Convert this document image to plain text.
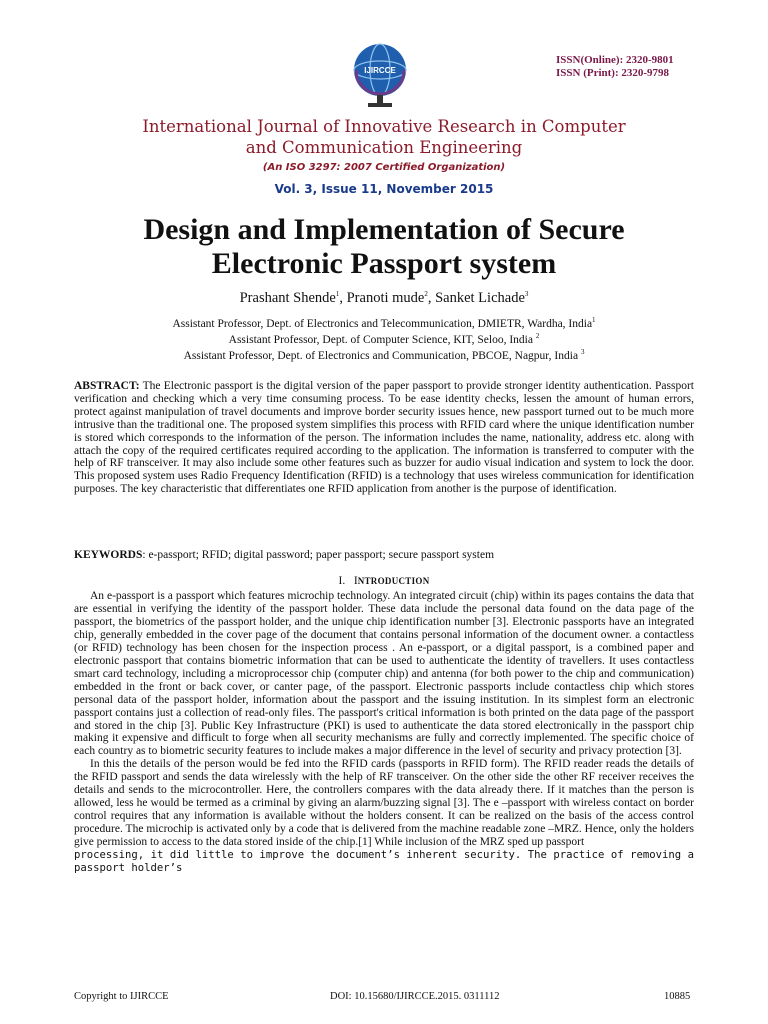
IJIRCCE
ISSN(Online): 2320-9801
ISSN (Print): 2320-9798
International Journal of Innovative Research in Computer
and Communication Engineering
(An ISO 3297: 2007 Certified Organization)
Vol. 3, Issue 11, November 2015
Design and Implementation of Secure
Electronic Passport system
Prashant Shende$^1$, Pranoti mude$^2$, Sanket Lichade$^3$
Assistant Professor, Dept. of Electronics and Telecommunication, DMIETR, Wardha, India$^1$
Assistant Professor, Dept. of Computer Science, KIT, Seloo, India $^2$
Assistant Professor, Dept. of Electronics and Communication, PBCOE, Nagpur, India $^3$
ABSTRACT: The Electronic passport is the digital version of the paper passport to provide stronger identity authentication. Passport verification and checking which a very time consuming process. To be ease identity checks, lessen the amount of human errors, protect against manipulation of travel documents and improve border security issues hence, new passport turned out to be much more intrusive than the traditional one. The proposed system simplifies this process with RFID card where the unique identification number is stored which corresponds to the information of the person. The information includes the name, nationality, address etc. along with attach the copy of the required certificates required according to the application. The information is transferred to computer with the help of RF transceiver. It may also include some other features such as buzzer for audio visual indication and system to lock the door. This proposed system uses Radio Frequency Identification (RFID) is a technology that uses wireless communication for identification purposes. The key characteristic that differentiates one RFID application from another is the purpose of identification.
KEYWORDS: e-passport; RFID; digital password; paper passport; secure passport system
I. INTRODUCTION

An e-passport is a passport which features microchip technology. An integrated circuit (chip) within its pages contains the data that are essential in verifying the identity of the passport holder. These data include the personal data found on the data page of the passport, the biometrics of the passport holder, and the unique chip identification number [3]. Electronic passports have an integrated chip, generally embedded in the cover page of the document that contains personal information of the document owner. a contactless (or RFID) technology has been chosen for the inspection process . An e-passport, or a digital passport, is a combined paper and electronic passport that contains biometric information that can be used to authenticate the identity of travellers. It uses contactless smart card technology, including a microprocessor chip (computer chip) and antenna (for both power to the chip and communication) embedded in the front or back cover, or canter page, of the passport. Electronic passports include contactless chip which stores personal data of the passport holder, information about the passport and the issuing institution. In its simplest form an electronic passport contains just a collection of read-only files. The passport's critical information is both printed on the data page of the passport and stored in the chip [3]. Public Key Infrastructure (PKI) is used to authenticate the data stored electronically in the passport chip making it expensive and difficult to forge when all security mechanisms are fully and correctly implemented. The specific choice of each country as to biometric security features to include makes a major difference in the level of security and privacy protection [3].

In this the details of the person would be fed into the RFID cards (passports in RFID form). The RFID reader reads the details of the RFID passport and sends the data wirelessly with the help of RF transceiver. On the other side the other RF receiver receives the details and sends to the microcontroller. Here, the controllers compares with the data already there. If it matches than the person is allowed, less he would be termed as a criminal by giving an alarm/buzzing signal [3]. The e –passport with wireless contact on border control requires that any information is available without the holders consent. It can be realized on the basis of the access control procedure. The microchip is activated only by a code that is delivered from the machine readable zone –MRZ. Hence, only the holders give permission to access to the data stored inside of the chip.[1] While inclusion of the MRZ sped up passport

processing, it did little to improve the document’s inherent security. The practice of removing a passport holder’s
Copyright to IJIRCCE	DOI: 10.15680/IJIRCCE.2015. 0311112	10885
